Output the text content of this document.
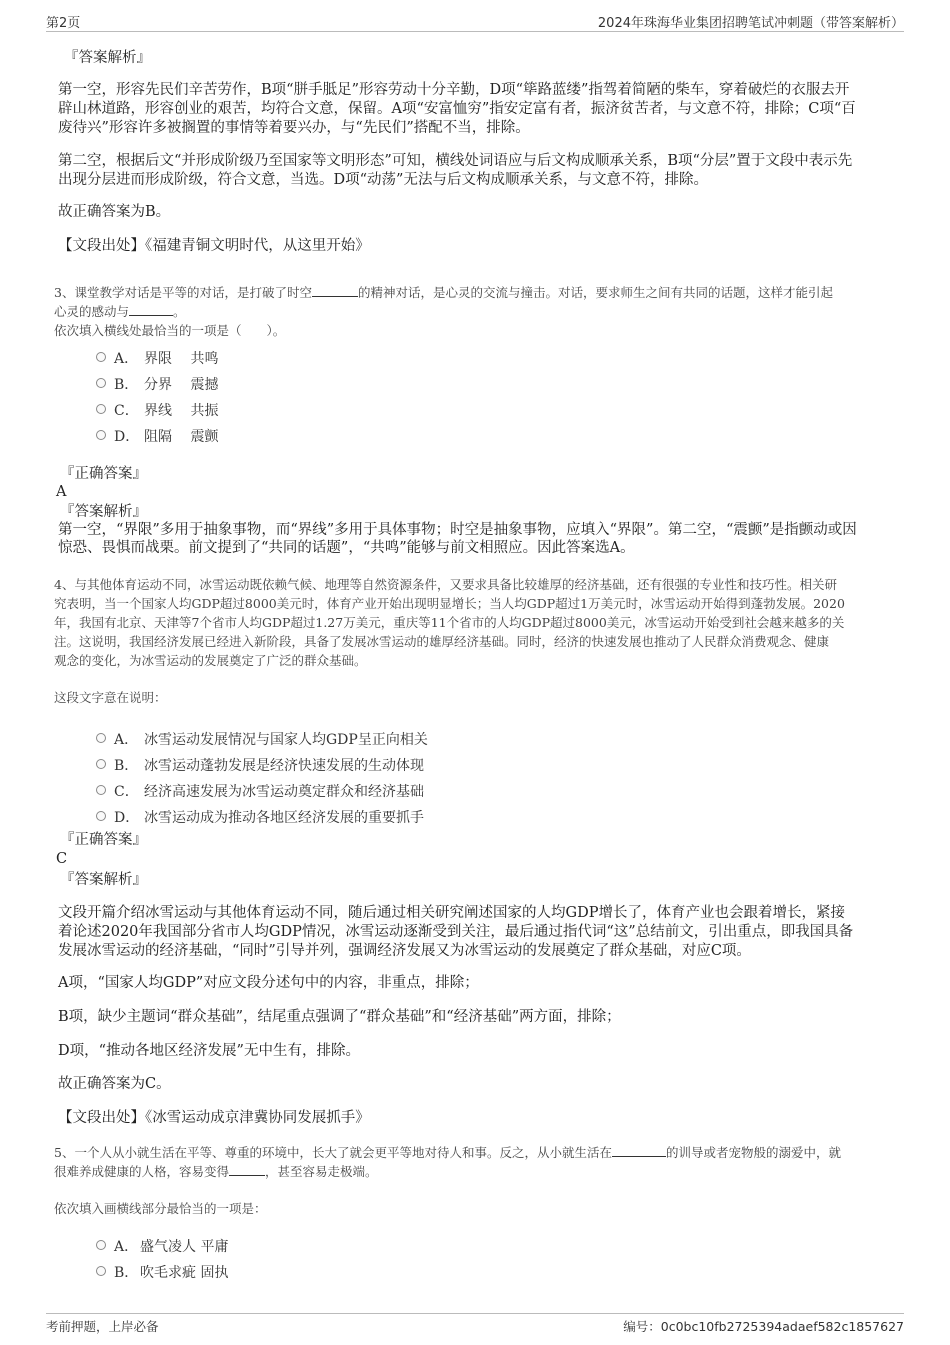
第2页	2024年珠海华业集团招聘笔试冲刺题（带答案解析）
『答案解析』
第一空，形容先民们辛苦劳作，B项“胼手胝足”形容劳动十分辛勤，D项“筚路蓝缕”指驾着简陋的柴车，穿着破烂的衣服去开
辟山林道路，形容创业的艰苦，均符合文意，保留。A项“安富恤穷”指安定富有者，振济贫苦者，与文意不符，排除；C项“百
废待兴”形容许多被搁置的事情等着要兴办，与“先民们”搭配不当，排除。
第二空，根据后文“并形成阶级乃至国家等文明形态”可知，横线处词语应与后文构成顺承关系，B项“分层”置于文段中表示先
出现分层进而形成阶级，符合文意，当选。D项“动荡”无法与后文构成顺承关系，与文意不符，排除。
故正确答案为B。
【文段出处】《福建青铜文明时代，从这里开始》
3、课堂教学对话是平等的对话，是打破了时空	的精神对话，是心灵的交流与撞击。对话，要求师生之间有共同的话题，这样才能引起
心灵的感动与	。
依次填入横线处最恰当的一项是（　　）。
A． 界限　 共鸣
B． 分界　 震撼
C． 界线　 共振
D． 阻隔　 震颤
『正确答案』
A
『答案解析』
第一空，“界限”多用于抽象事物，而“界线”多用于具体事物；时空是抽象事物，应填入“界限”。第二空，“震颤”是指颤动或因
惊恐、畏惧而战栗。前文提到了“共同的话题”，“共鸣”能够与前文相照应。因此答案选A。
4、与其他体育运动不同，冰雪运动既依赖气候、地理等自然资源条件，又要求具备比较雄厚的经济基础，还有很强的专业性和技巧性。相关研
究表明，当一个国家人均GDP超过8000美元时，体育产业开始出现明显增长；当人均GDP超过1万美元时，冰雪运动开始得到蓬勃发展。2020
年，我国有北京、天津等7个省市人均GDP超过1.27万美元，重庆等11个省市的人均GDP超过8000美元，冰雪运动开始受到社会越来越多的关
注。这说明，我国经济发展已经进入新阶段，具备了发展冰雪运动的雄厚经济基础。同时，经济的快速发展也推动了人民群众消费观念、健康
观念的变化，为冰雪运动的发展奠定了广泛的群众基础。
这段文字意在说明：
A． 冰雪运动发展情况与国家人均GDP呈正向相关
B． 冰雪运动蓬勃发展是经济快速发展的生动体现
C． 经济高速发展为冰雪运动奠定群众和经济基础
D． 冰雪运动成为推动各地区经济发展的重要抓手
『正确答案』
C
『答案解析』
文段开篇介绍冰雪运动与其他体育运动不同，随后通过相关研究阐述国家的人均GDP增长了，体育产业也会跟着增长，紧接
着论述2020年我国部分省市人均GDP情况，冰雪运动逐渐受到关注，最后通过指代词“这”总结前文，引出重点，即我国具备
发展冰雪运动的经济基础，“同时”引导并列，强调经济发展又为冰雪运动的发展奠定了群众基础，对应C项。
A项，“国家人均GDP”对应文段分述句中的内容，非重点，排除；
B项，缺少主题词“群众基础”，结尾重点强调了“群众基础”和“经济基础”两方面，排除；
D项，“推动各地区经济发展”无中生有，排除。
故正确答案为C。
【文段出处】《冰雪运动成京津冀协同发展抓手》
5、一个人从小就生活在平等、尊重的环境中，长大了就会更平等地对待人和事。反之，从小就生活在	的训导或者宠物般的溺爱中，就
很难养成健康的人格，容易变得	，甚至容易走极端。
依次填入画横线部分最恰当的一项是：
A． 盛气凌人 平庸
B． 吹毛求疵 固执
考前押题，上岸必备	编号：0c0bc10fb2725394adaef582c1857627
